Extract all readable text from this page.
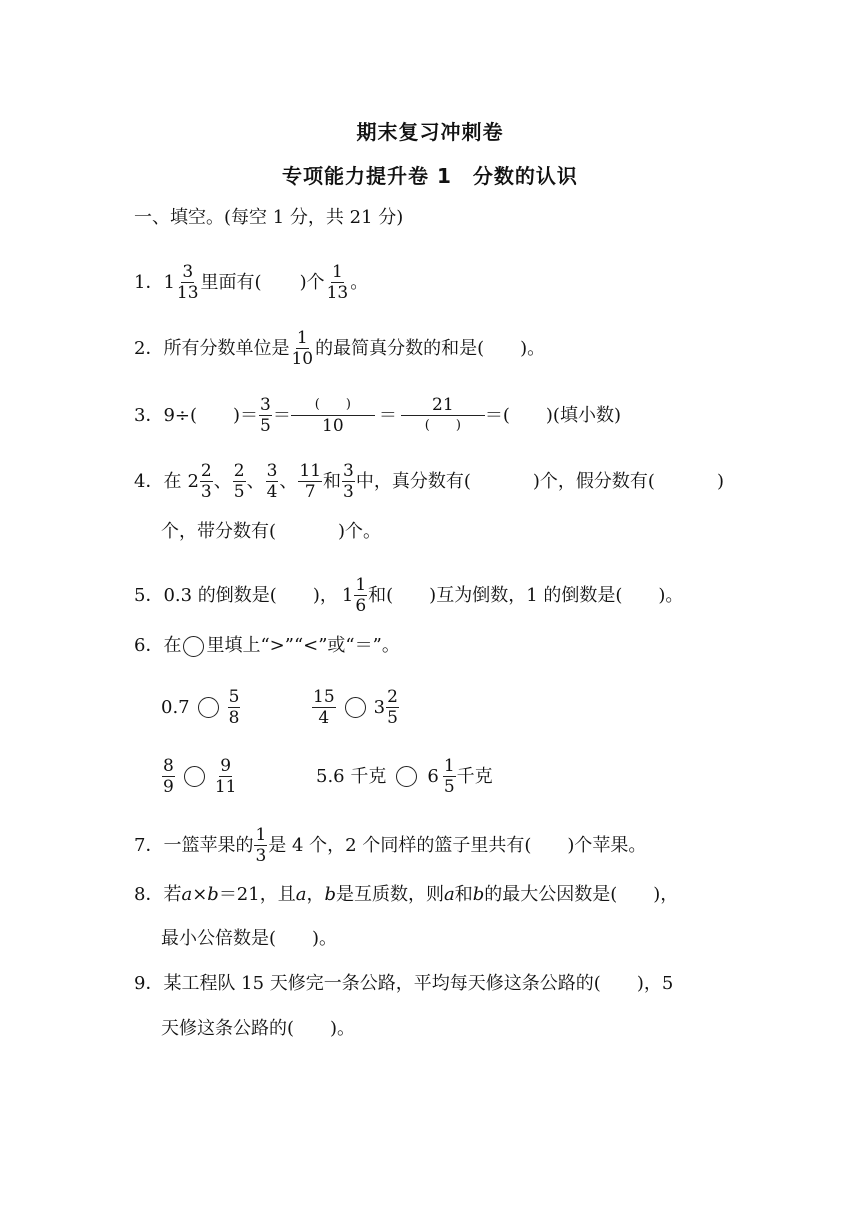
期末复习冲刺卷
专项能力提升卷 1　分数的认识
一、填空。(每空 1 分，共 21 分)
1． 1 3
13
里面有( )个 1
13
。
2． 所有分数单位是 1
10
的最简真分数的和是( )。
3． 9÷( )＝ 3
5
＝	(　　)
10
＝	21
(　　)	＝( )(填小数)
4． 在 2 2
3
、 2
5
、 3
4
、 11
7
和 3
3
中，真分数有(	)个，假分数有(	)
个，带分数有(	)个。
5． 0.3 的倒数是( )， 1 1
6
和( )互为倒数，1 的倒数是( )。
6． 在 里填上“>”“<”或“＝”。
0.7 5
8
15
4
3 2
5
8
9
9
11
5.6 千克 6 1
5
千克
7． 一篮苹果的 1
3
是 4 个，2 个同样的篮子里共有( )个苹果。
8． 若 a × b ＝21，且 a ， b 是互质数，则 a 和 b 的最大公因数是( )，
最小公倍数是( )。
9． 某工程队 15 天修完一条公路，平均每天修这条公路的( )，5
天修这条公路的( )。
